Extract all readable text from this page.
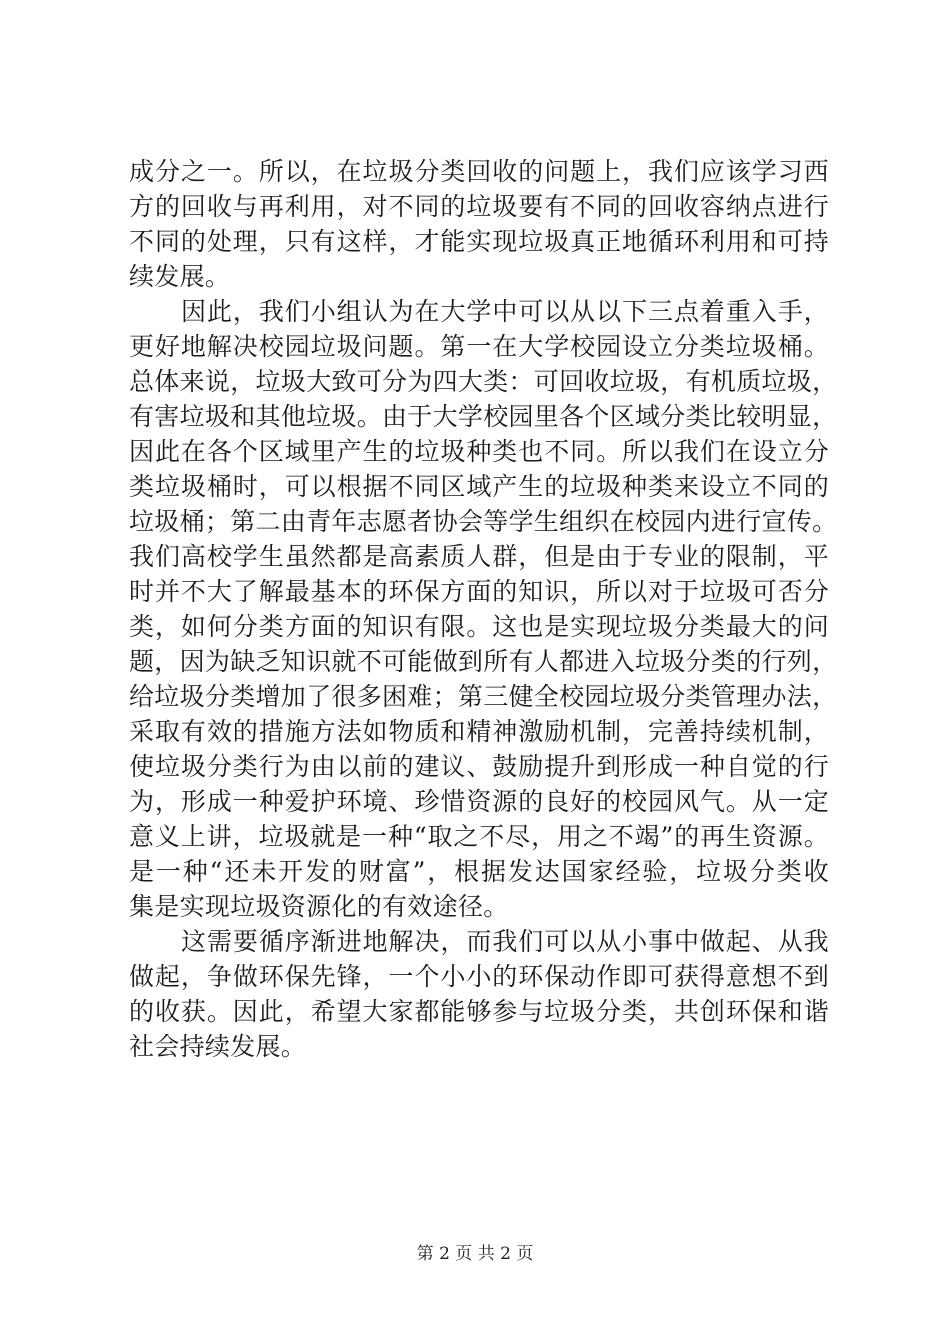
成分之一。所以，在垃圾分类回收的问题上，我们应该学习西
方的回收与再利用，对不同的垃圾要有不同的回收容纳点进行
不同的处理，只有这样，才能实现垃圾真正地循环利用和可持
续发展。
因此，我们小组认为在大学中可以从以下三点着重入手，
更好地解决校园垃圾问题。第一在大学校园设立分类垃圾桶。
总体来说，垃圾大致可分为四大类：可回收垃圾，有机质垃圾，
有害垃圾和其他垃圾。由于大学校园里各个区域分类比较明显，
因此在各个区域里产生的垃圾种类也不同。所以我们在设立分
类垃圾桶时，可以根据不同区域产生的垃圾种类来设立不同的
垃圾桶；第二由青年志愿者协会等学生组织在校园内进行宣传。
我们高校学生虽然都是高素质人群，但是由于专业的限制，平
时并不大了解最基本的环保方面的知识，所以对于垃圾可否分
类，如何分类方面的知识有限。这也是实现垃圾分类最大的问
题，因为缺乏知识就不可能做到所有人都进入垃圾分类的行列，
给垃圾分类增加了很多困难；第三健全校园垃圾分类管理办法，
采取有效的措施方法如物质和精神激励机制，完善持续机制，
使垃圾分类行为由以前的建议、鼓励提升到形成一种自觉的行
为，形成一种爱护环境、珍惜资源的良好的校园风气。从一定
意义上讲，垃圾就是一种“取之不尽，用之不竭”的再生资源。
是一种“还未开发的财富”，根据发达国家经验，垃圾分类收
集是实现垃圾资源化的有效途径。
这需要循序渐进地解决，而我们可以从小事中做起、从我
做起，争做环保先锋，一个小小的环保动作即可获得意想不到
的收获。因此，希望大家都能够参与垃圾分类，共创环保和谐
社会持续发展。
第 2 页 共 2 页
